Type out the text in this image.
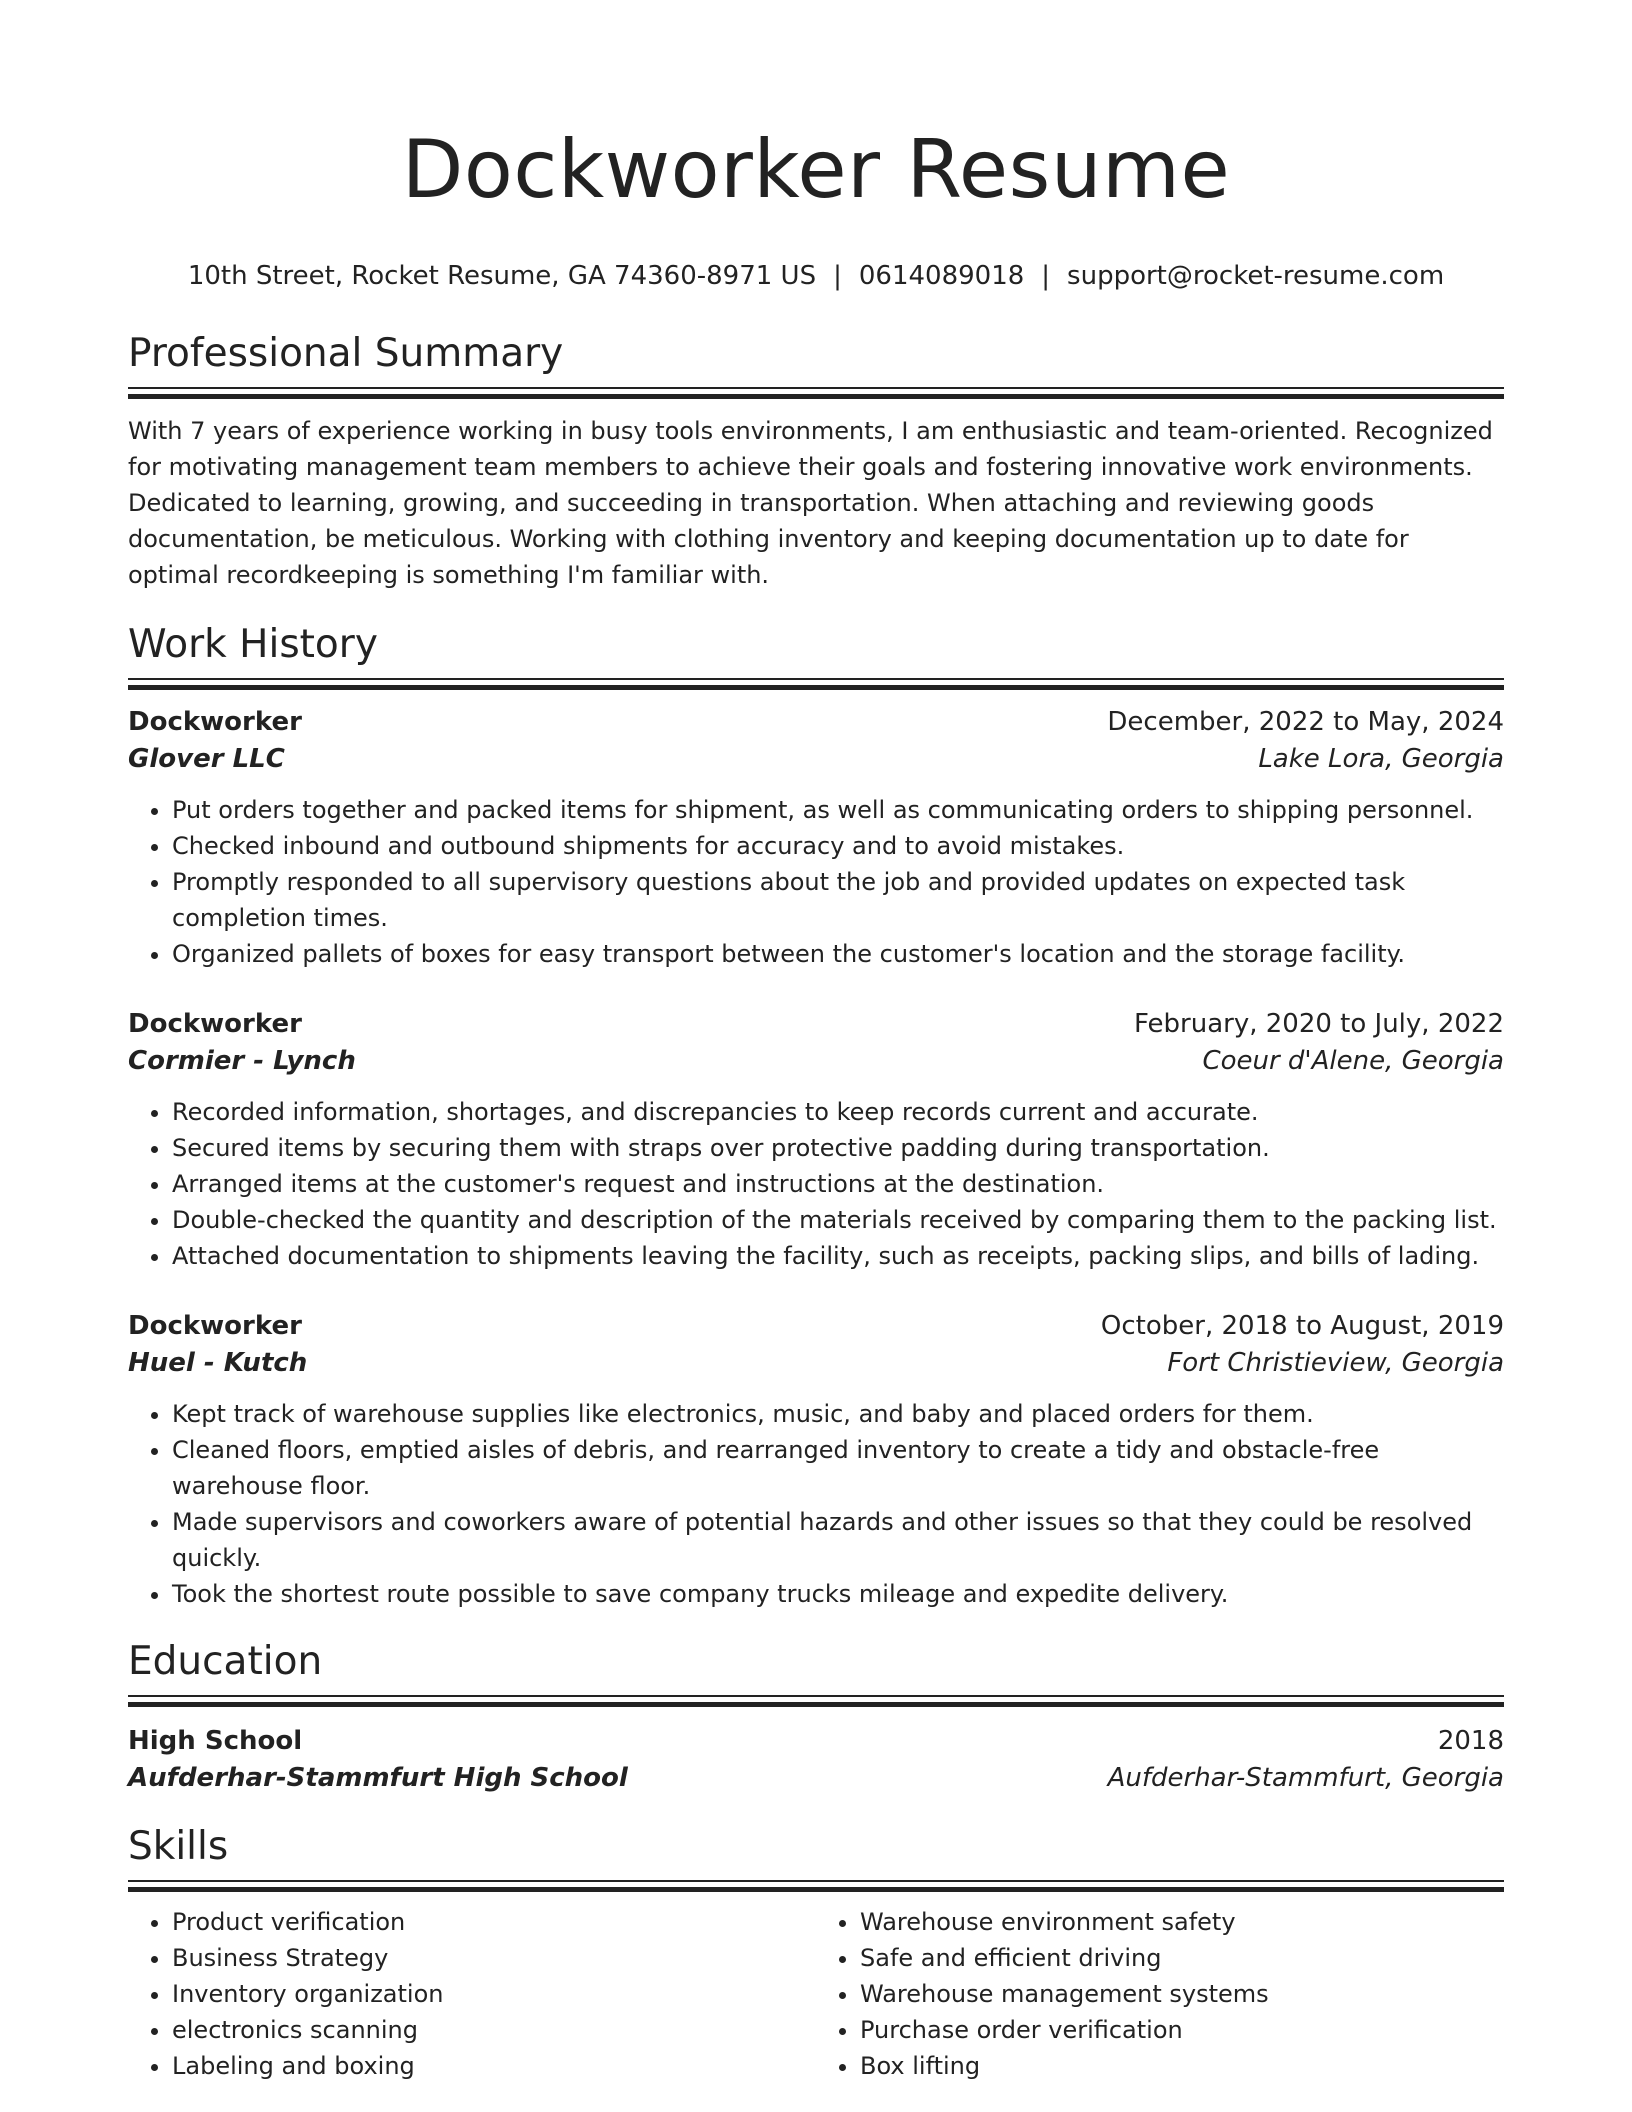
Dockworker Resume
10th Street, Rocket Resume, GA 74360-8971 US | 0614089018 | support@rocket-resume.com
Professional Summary
With 7 years of experience working in busy tools environments, I am enthusiastic and team-oriented. Recognized for motivating management team members to achieve their goals and fostering innovative work environments. Dedicated to learning, growing, and succeeding in transportation. When attaching and reviewing goods documentation, be meticulous. Working with clothing inventory and keeping documentation up to date for optimal recordkeeping is something I'm familiar with.
Work History
Dockworker	December, 2022 to May, 2024
Glover LLC	Lake Lora, Georgia
• Put orders together and packed items for shipment, as well as communicating orders to shipping personnel.
• Checked inbound and outbound shipments for accuracy and to avoid mistakes.
• Promptly responded to all supervisory questions about the job and provided updates on expected task completion times.
• Organized pallets of boxes for easy transport between the customer's location and the storage facility.
Dockworker	February, 2020 to July, 2022
Cormier - Lynch	Coeur d'Alene, Georgia
• Recorded information, shortages, and discrepancies to keep records current and accurate.
• Secured items by securing them with straps over protective padding during transportation.
• Arranged items at the customer's request and instructions at the destination.
• Double-checked the quantity and description of the materials received by comparing them to the packing list.
• Attached documentation to shipments leaving the facility, such as receipts, packing slips, and bills of lading.
Dockworker	October, 2018 to August, 2019
Huel - Kutch	Fort Christieview, Georgia
• Kept track of warehouse supplies like electronics, music, and baby and placed orders for them.
• Cleaned floors, emptied aisles of debris, and rearranged inventory to create a tidy and obstacle-free warehouse floor.
• Made supervisors and coworkers aware of potential hazards and other issues so that they could be resolved quickly.
• Took the shortest route possible to save company trucks mileage and expedite delivery.
Education
High School	2018
Aufderhar-Stammfurt High School	Aufderhar-Stammfurt, Georgia
Skills
• Product verification
• Business Strategy
• Inventory organization
• electronics scanning
• Labeling and boxing
• Warehouse environment safety
• Safe and efficient driving
• Warehouse management systems
• Purchase order verification
• Box lifting
